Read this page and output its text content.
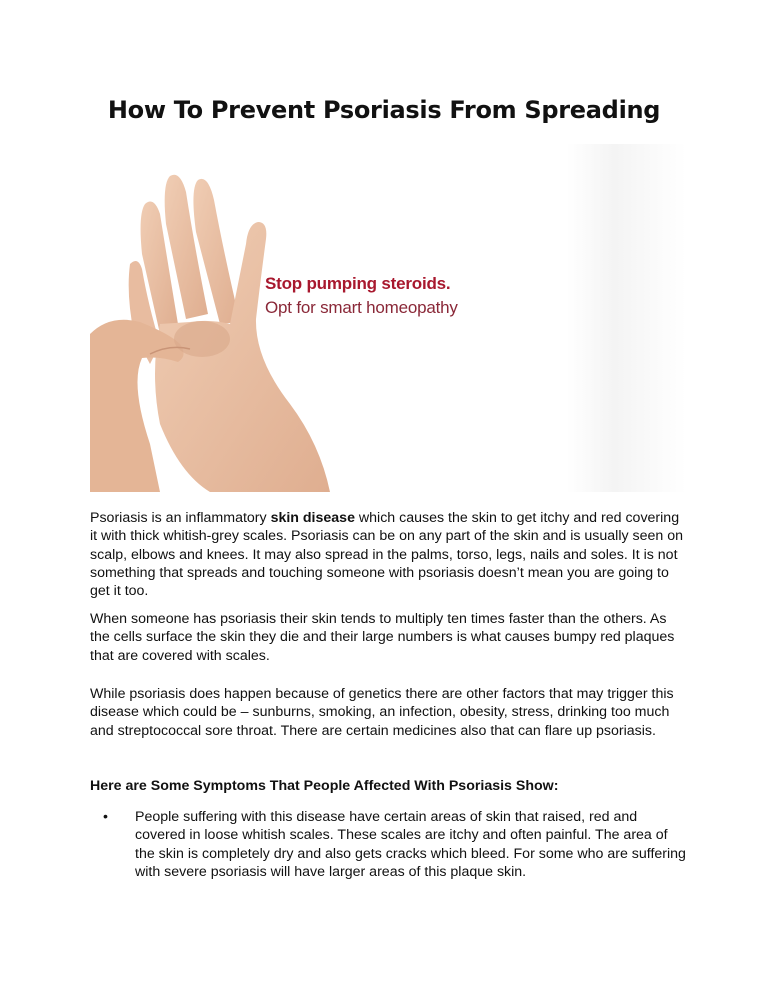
How To Prevent Psoriasis From Spreading
Stop pumping steroids.
Opt for smart homeopathy

Psoriasis is an inflammatory skin disease which causes the skin to get itchy and red covering it with thick whitish-grey scales. Psoriasis can be on any part of the skin and is usually seen on scalp, elbows and knees. It may also spread in the palms, torso, legs, nails and soles. It is not something that spreads and touching someone with psoriasis doesn’t mean you are going to get it too.

When someone has psoriasis their skin tends to multiply ten times faster than the others. As the cells surface the skin they die and their large numbers is what causes bumpy red plaques that are covered with scales.

While psoriasis does happen because of genetics there are other factors that may trigger this disease which could be – sunburns, smoking, an infection, obesity, stress, drinking too much and streptococcal sore throat. There are certain medicines also that can flare up psoriasis.

Here are Some Symptoms That People Affected With Psoriasis Show:

• People suffering with this disease have certain areas of skin that raised, red and covered in loose whitish scales. These scales are itchy and often painful. The area of the skin is completely dry and also gets cracks which bleed. For some who are suffering with severe psoriasis will have larger areas of this plaque skin.
